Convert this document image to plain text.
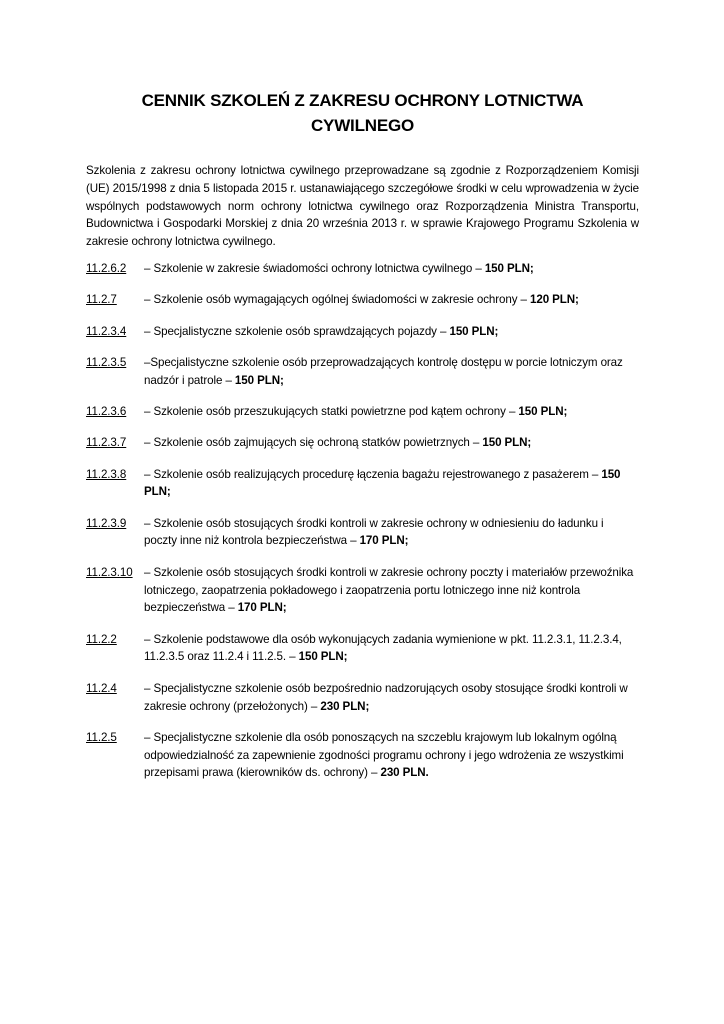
CENNIK SZKOLEŃ Z ZAKRESU OCHRONY LOTNICTWA
CYWILNEGO

Szkolenia z zakresu ochrony lotnictwa cywilnego przeprowadzane są zgodnie z Rozporządzeniem Komisji (UE) 2015/1998 z dnia 5 listopada 2015 r. ustanawiającego szczegółowe środki w celu wprowadzenia w życie wspólnych podstawowych norm ochrony lotnictwa cywilnego oraz Rozporządzenia Ministra Transportu, Budownictwa i Gospodarki Morskiej z dnia 20 września 2013 r. w sprawie Krajowego Programu Szkolenia w zakresie ochrony lotnictwa cywilnego.

11.2.6.2	– Szkolenie w zakresie świadomości ochrony lotnictwa cywilnego – 150 PLN;
11.2.7	– Szkolenie osób wymagających ogólnej świadomości w zakresie ochrony – 120 PLN;
11.2.3.4	– Specjalistyczne szkolenie osób sprawdzających pojazdy – 150 PLN;
11.2.3.5	–Specjalistyczne szkolenie osób przeprowadzających kontrolę dostępu w porcie lotniczym oraz nadzór i patrole – 150 PLN;
11.2.3.6	– Szkolenie osób przeszukujących statki powietrzne pod kątem ochrony – 150 PLN;
11.2.3.7	– Szkolenie osób zajmujących się ochroną statków powietrznych – 150 PLN;
11.2.3.8	– Szkolenie osób realizujących procedurę łączenia bagażu rejestrowanego z pasażerem – 150 PLN;
11.2.3.9	– Szkolenie osób stosujących środki kontroli w zakresie ochrony w odniesieniu do ładunku i poczty inne niż kontrola bezpieczeństwa – 170 PLN;
11.2.3.10 – Szkolenie osób stosujących środki kontroli w zakresie ochrony poczty i materiałów przewoźnika lotniczego, zaopatrzenia pokładowego i zaopatrzenia portu lotniczego inne niż kontrola bezpieczeństwa – 170 PLN;
11.2.2	– Szkolenie podstawowe dla osób wykonujących zadania wymienione w pkt. 11.2.3.1, 11.2.3.4, 11.2.3.5 oraz 11.2.4 i 11.2.5. – 150 PLN;
11.2.4	– Specjalistyczne szkolenie osób bezpośrednio nadzorujących osoby stosujące środki kontroli w zakresie ochrony (przełożonych) – 230 PLN;
11.2.5	– Specjalistyczne szkolenie dla osób ponoszących na szczeblu krajowym lub lokalnym ogólną odpowiedzialność za zapewnienie zgodności programu ochrony i jego wdrożenia ze wszystkimi przepisami prawa (kierowników ds. ochrony) – 230 PLN.
